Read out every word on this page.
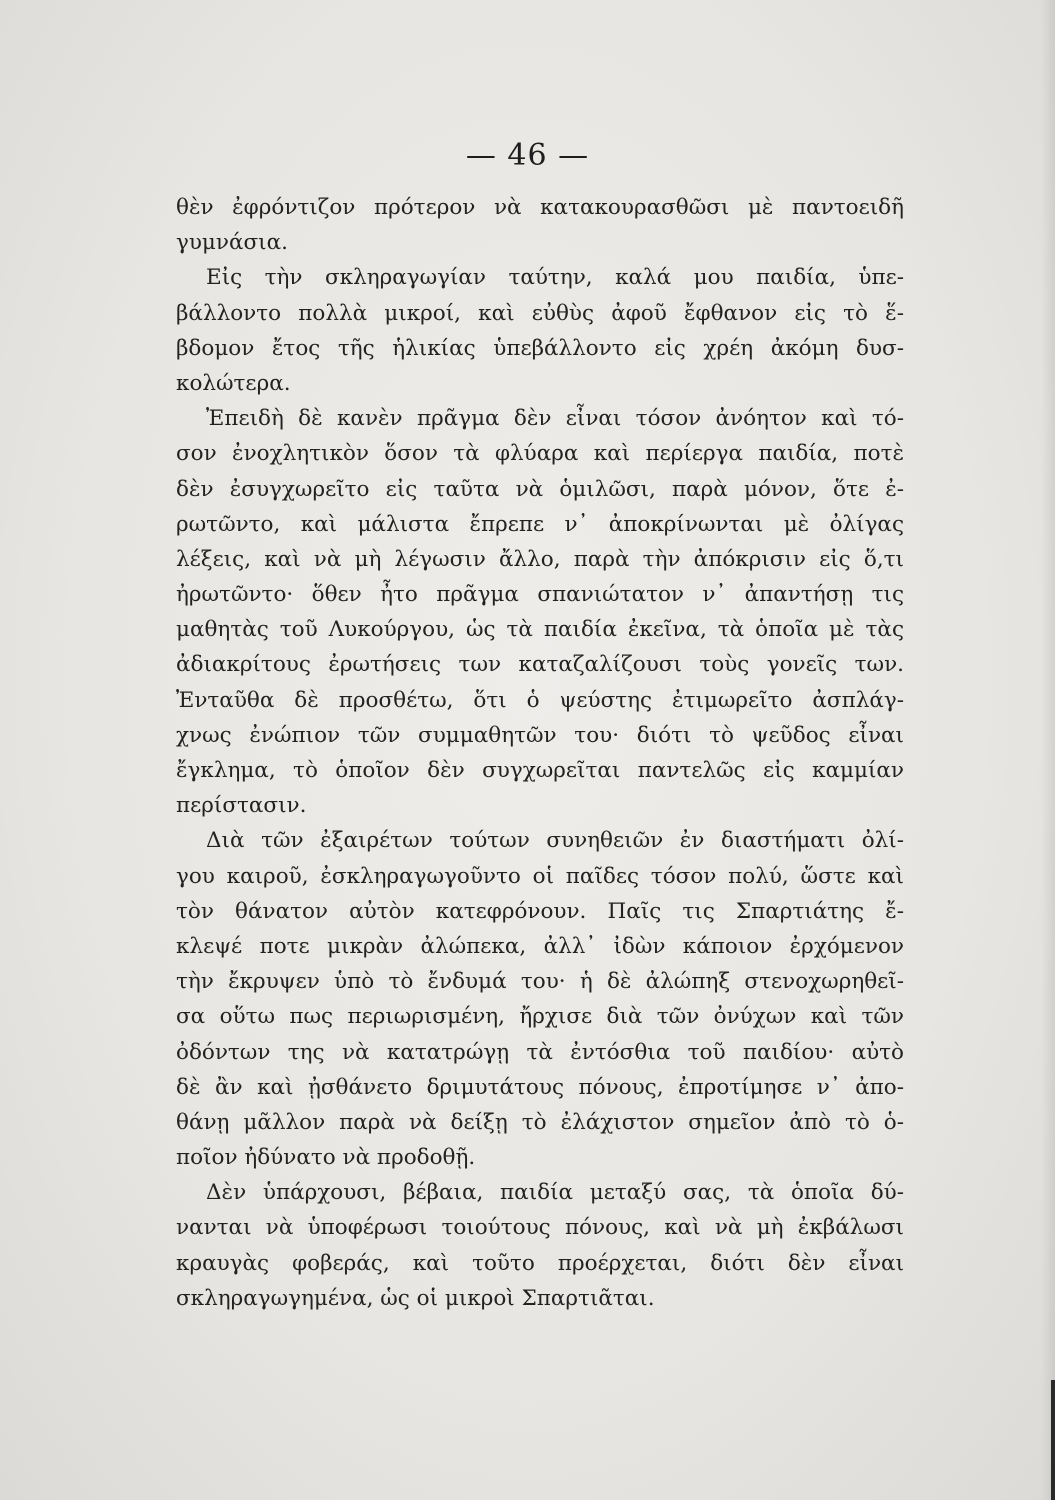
— 46 —
θὲν ἐφρόντιζον πρότερον νὰ κατακουρασθῶσι μὲ παντοειδῆ
γυμνάσια.
Εἰς τὴν σκληραγωγίαν ταύτην, καλά μου παιδία, ὑπε-
βάλλοντο πολλὰ μικροί, καὶ εὐθὺς ἀφοῦ ἔφθανον εἰς τὸ ἕ-
βδομον ἔτος τῆς ἡλικίας ὑπεβάλλοντο εἰς χρέη ἀκόμη δυσ-
κολώτερα.
Ἐπειδὴ δὲ κανὲν πρᾶγμα δὲν εἶναι τόσον ἀνόητον καὶ τό-
σον ἐνοχλητικὸν ὅσον τὰ φλύαρα καὶ περίεργα παιδία, ποτὲ
δὲν ἐσυγχωρεῖτο εἰς ταῦτα νὰ ὁμιλῶσι, παρὰ μόνον, ὅτε ἐ-
ρωτῶντο, καὶ μάλιστα ἔπρεπε ν᾽ ἀποκρίνωνται μὲ ὀλίγας
λέξεις, καὶ νὰ μὴ λέγωσιν ἄλλο, παρὰ τὴν ἀπόκρισιν εἰς ὅ,τι
ἠρωτῶντο· ὅθεν ἦτο πρᾶγμα σπανιώτατον ν᾽ ἀπαντήσῃ τις
μαθητὰς τοῦ Λυκούργου, ὡς τὰ παιδία ἐκεῖνα, τὰ ὁποῖα μὲ τὰς
ἀδιακρίτους ἐρωτήσεις των καταζαλίζουσι τοὺς γονεῖς των.
Ἐνταῦθα δὲ προσθέτω, ὅτι ὁ ψεύστης ἐτιμωρεῖτο ἀσπλάγ-
χνως ἐνώπιον τῶν συμμαθητῶν του· διότι τὸ ψεῦδος εἶναι
ἔγκλημα, τὸ ὁποῖον δὲν συγχωρεῖται παντελῶς εἰς καμμίαν
περίστασιν.
Διὰ τῶν ἐξαιρέτων τούτων συνηθειῶν ἐν διαστήματι ὀλί-
γου καιροῦ, ἐσκληραγωγοῦντο οἱ παῖδες τόσον πολύ, ὥστε καὶ
τὸν θάνατον αὐτὸν κατεφρόνουν. Παῖς τις Σπαρτιάτης ἔ-
κλεψέ ποτε μικρὰν ἀλώπεκα, ἀλλ᾽ ἰδὼν κάποιον ἐρχόμενον
τὴν ἔκρυψεν ὑπὸ τὸ ἔνδυμά του· ἡ δὲ ἀλώπηξ στενοχωρηθεῖ-
σα οὕτω πως περιωρισμένη, ἤρχισε διὰ τῶν ὀνύχων καὶ τῶν
ὀδόντων της νὰ κατατρώγῃ τὰ ἐντόσθια τοῦ παιδίου· αὐτὸ
δὲ ἂν καὶ ᾐσθάνετο δριμυτάτους πόνους, ἐπροτίμησε ν᾽ ἀπο-
θάνῃ μᾶλλον παρὰ νὰ δείξῃ τὸ ἐλάχιστον σημεῖον ἀπὸ τὸ ὁ-
ποῖον ἠδύνατο νὰ προδοθῇ.
Δὲν ὑπάρχουσι, βέβαια, παιδία μεταξύ σας, τὰ ὁποῖα δύ-
νανται νὰ ὑποφέρωσι τοιούτους πόνους, καὶ νὰ μὴ ἐκβάλωσι
κραυγὰς φοβεράς, καὶ τοῦτο προέρχεται, διότι δὲν εἶναι
σκληραγωγημένα, ὡς οἱ μικροὶ Σπαρτιᾶται.
